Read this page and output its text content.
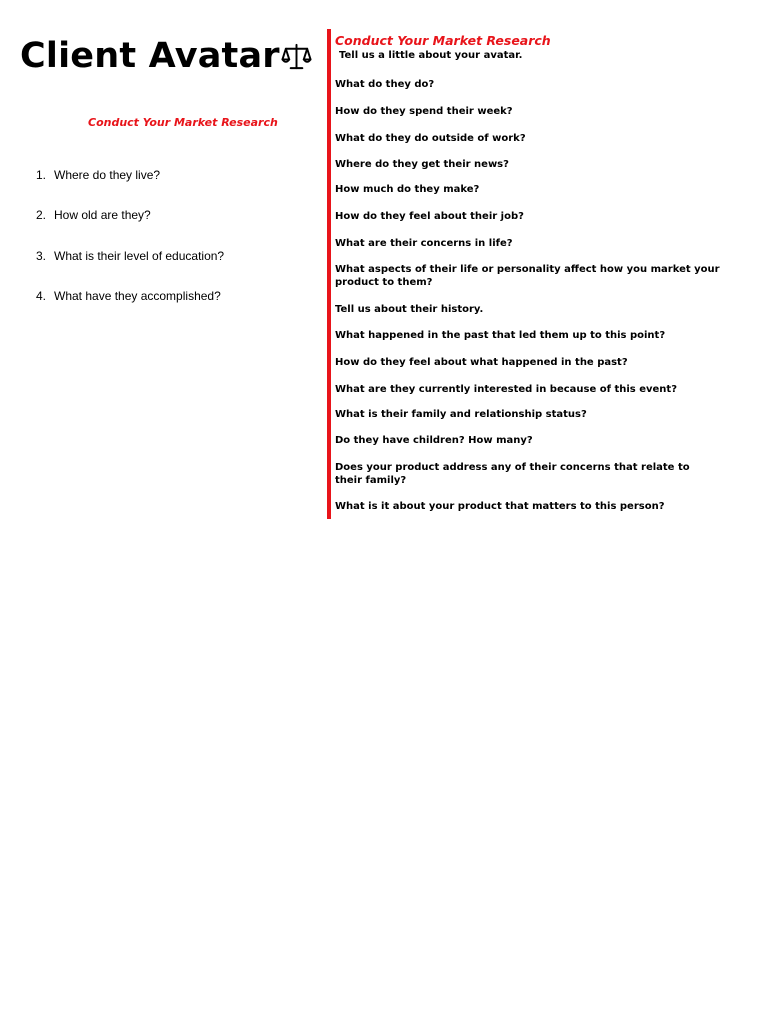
Client Avatar
Conduct Your Market Research
1. Where do they live?
2. How old are they?
3. What is their level of education?
4. What have they accomplished?
Conduct Your Market Research
Tell us a little about your avatar.
What do they do?
How do they spend their week?
What do they do outside of work?
Where do they get their news?
How much do they make?
How do they feel about their job?
What are their concerns in life?
What aspects of their life or personality affect how you market your product to them?
Tell us about their history.
What happened in the past that led them up to this point?
How do they feel about what happened in the past?
What are they currently interested in because of this event?
What is their family and relationship status?
Do they have children? How many?
Does your product address any of their concerns that relate to their family?
What is it about your product that matters to this person?
